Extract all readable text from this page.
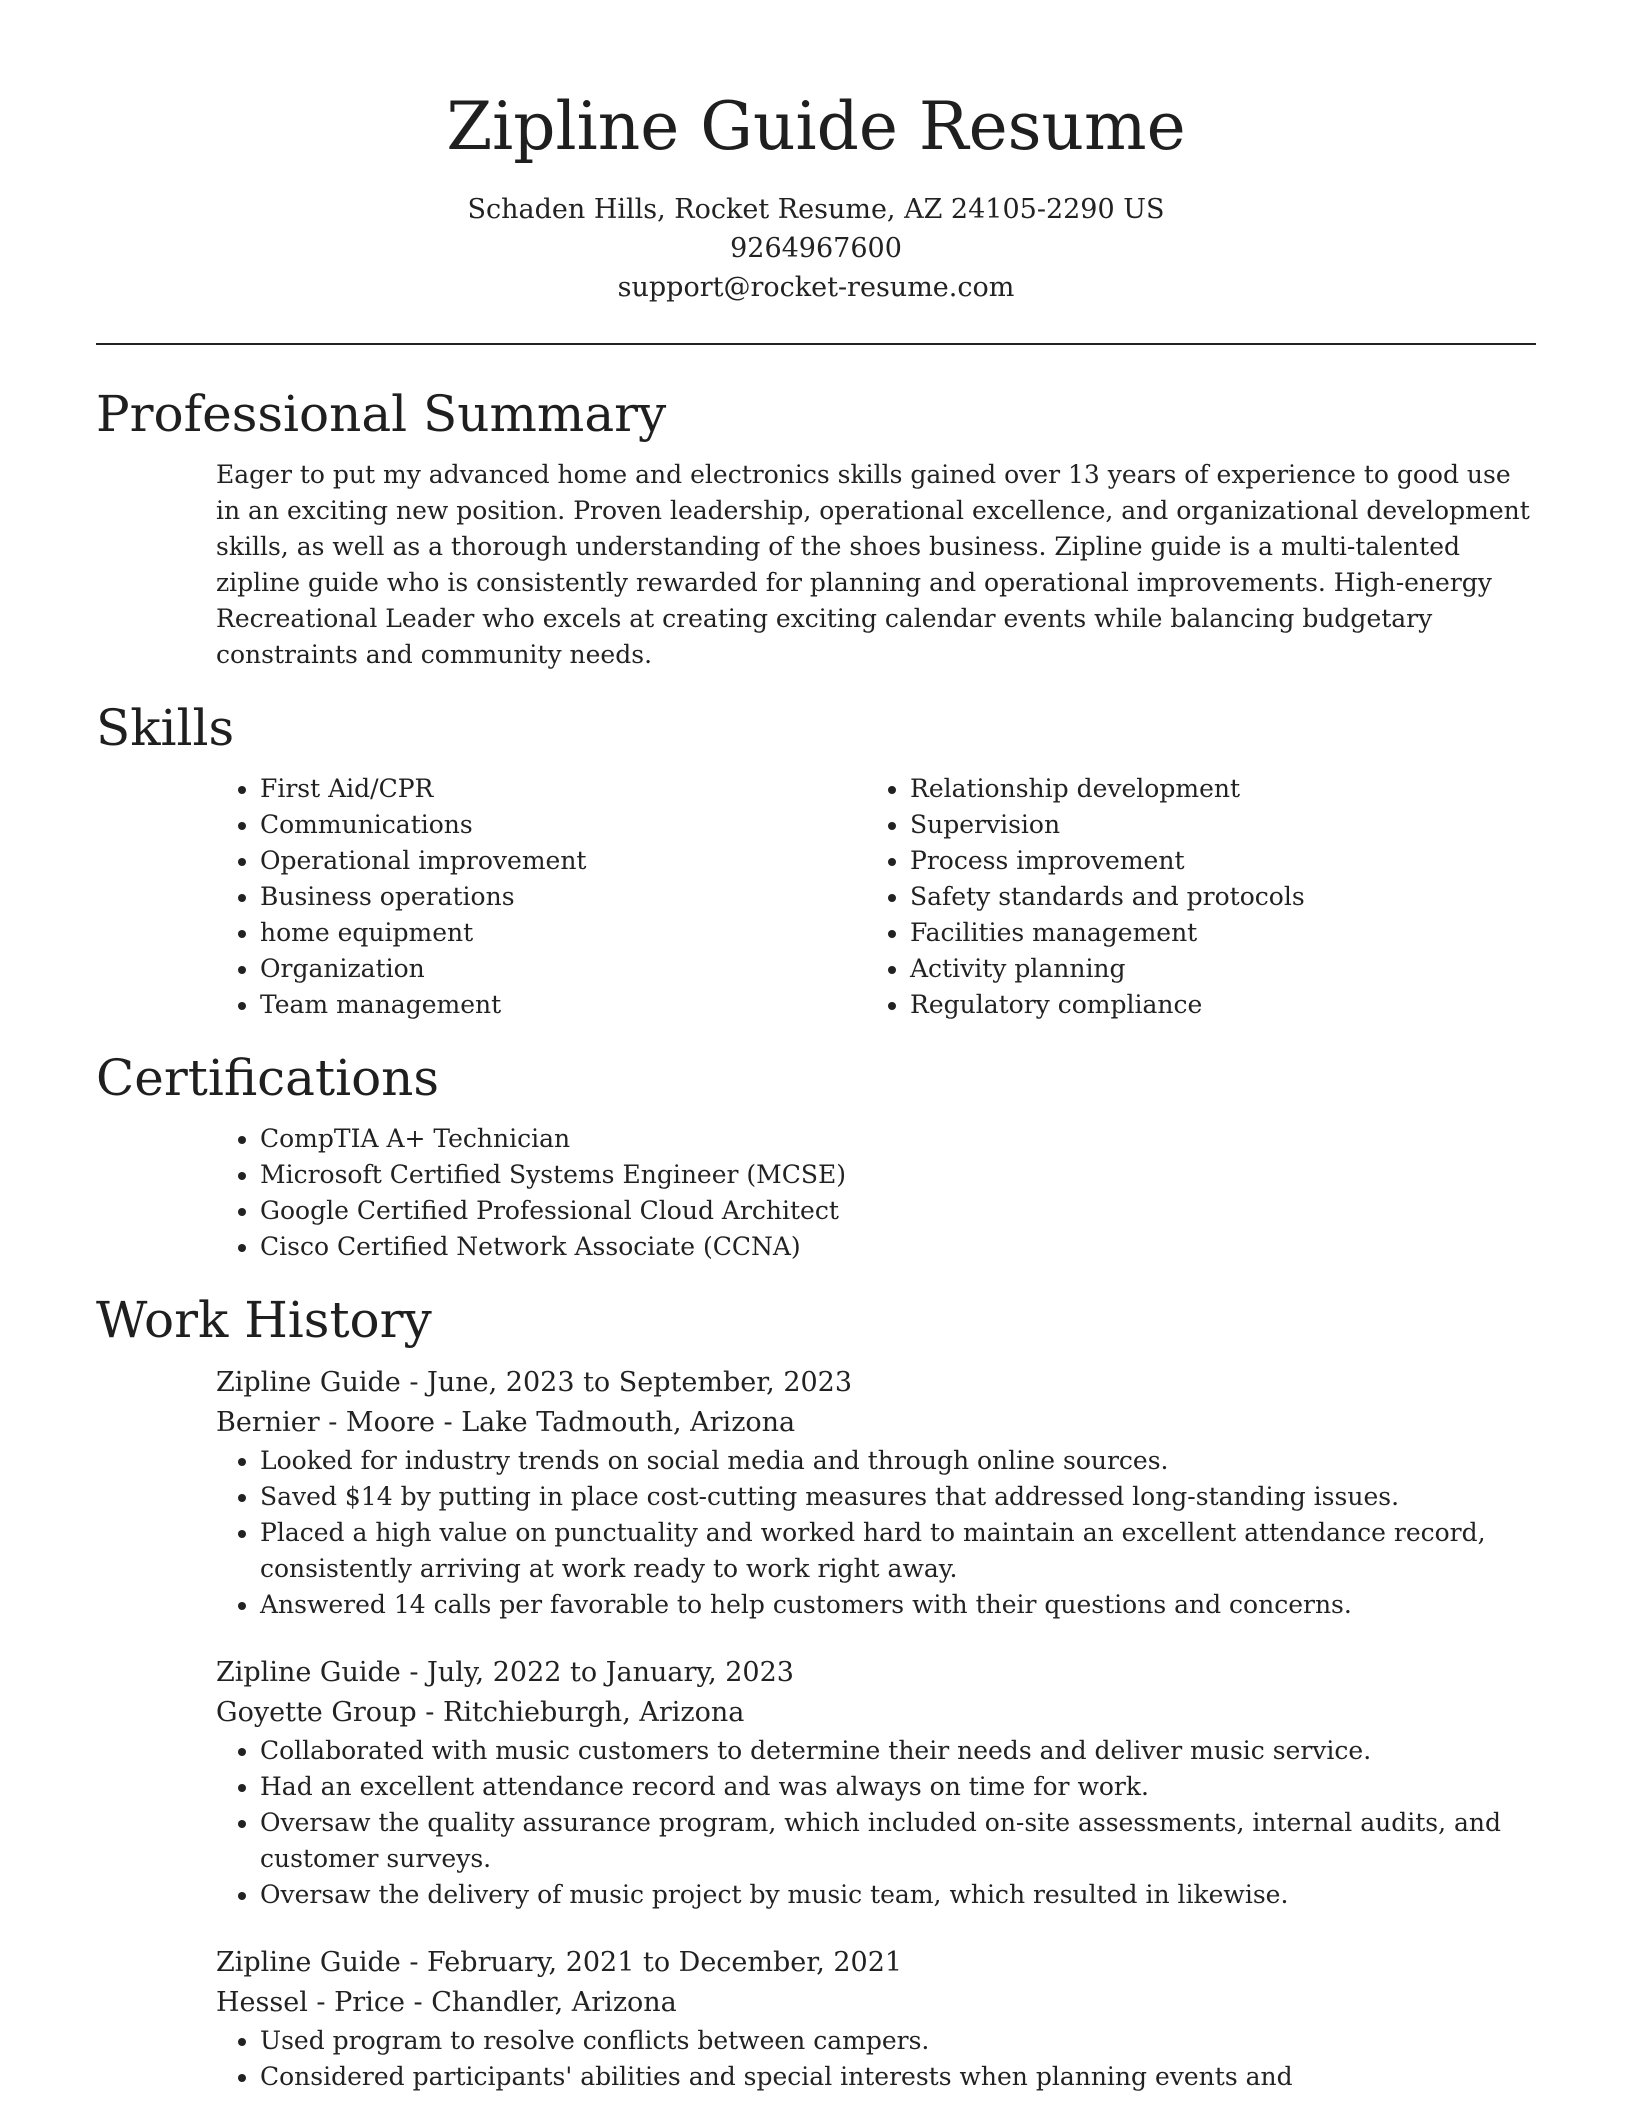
Zipline Guide Resume
Schaden Hills, Rocket Resume, AZ 24105-2290 US
9264967600
support@rocket-resume.com
Professional Summary
Eager to put my advanced home and electronics skills gained over 13 years of experience to good use in an exciting new position. Proven leadership, operational excellence, and organizational development skills, as well as a thorough understanding of the shoes business. Zipline guide is a multi-talented zipline guide who is consistently rewarded for planning and operational improvements. High-energy Recreational Leader who excels at creating exciting calendar events while balancing budgetary constraints and community needs.
Skills
• First Aid/CPR
• Communications
• Operational improvement
• Business operations
• home equipment
• Organization
• Team management
• Relationship development
• Supervision
• Process improvement
• Safety standards and protocols
• Facilities management
• Activity planning
• Regulatory compliance
Certifications
• CompTIA A+ Technician
• Microsoft Certified Systems Engineer (MCSE)
• Google Certified Professional Cloud Architect
• Cisco Certified Network Associate (CCNA)
Work History
Zipline Guide - June, 2023 to September, 2023
Bernier - Moore - Lake Tadmouth, Arizona
• Looked for industry trends on social media and through online sources.
• Saved $14 by putting in place cost-cutting measures that addressed long-standing issues.
• Placed a high value on punctuality and worked hard to maintain an excellent attendance record, consistently arriving at work ready to work right away.
• Answered 14 calls per favorable to help customers with their questions and concerns.
Zipline Guide - July, 2022 to January, 2023
Goyette Group - Ritchieburgh, Arizona
• Collaborated with music customers to determine their needs and deliver music service.
• Had an excellent attendance record and was always on time for work.
• Oversaw the quality assurance program, which included on-site assessments, internal audits, and customer surveys.
• Oversaw the delivery of music project by music team, which resulted in likewise.
Zipline Guide - February, 2021 to December, 2021
Hessel - Price - Chandler, Arizona
• Used program to resolve conflicts between campers.
• Considered participants' abilities and special interests when planning events and
